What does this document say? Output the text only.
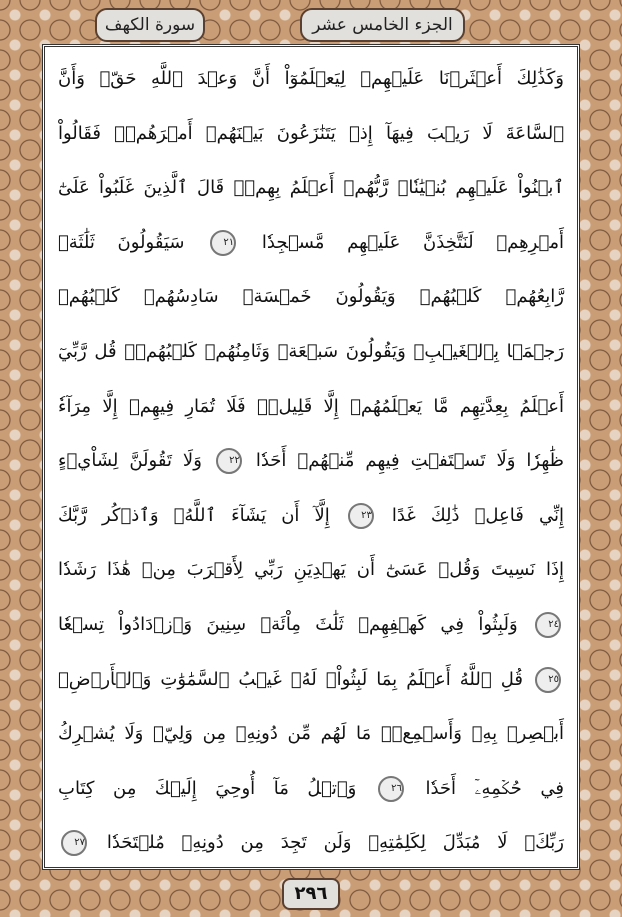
الجزء الخامس عشر
سورة الكهف
وَكَذَٰلِكَ أَعۡثَرۡنَا عَلَيۡهِمۡ لِيَعۡلَمُوٓاْ أَنَّ وَعۡدَ ٱللَّهِ حَقّٞ وَأَنَّ
ٱلسَّاعَةَ لَا رَيۡبَ فِيهَآ إِذۡ يَتَنَٰزَعُونَ بَيۡنَهُمۡ أَمۡرَهُمۡۖ فَقَالُواْ
ٱبۡنُواْ عَلَيۡهِم بُنۡيَٰنٗاۖ رَّبُّهُمۡ أَعۡلَمُ بِهِمۡۚ قَالَ ٱلَّذِينَ غَلَبُواْ عَلَىٰٓ
أَمۡرِهِمۡ لَنَتَّخِذَنَّ عَلَيۡهِم مَّسۡجِدٗا ٢١ سَيَقُولُونَ ثَلَٰثَةٞ
رَّابِعُهُمۡ كَلۡبُهُمۡ وَيَقُولُونَ خَمۡسَةٞ سَادِسُهُمۡ كَلۡبُهُمۡ
رَجۡمَۢا بِٱلۡغَيۡبِۖ وَيَقُولُونَ سَبۡعَةٞ وَثَامِنُهُمۡ كَلۡبُهُمۡۚ قُل رَّبِّيٓ
أَعۡلَمُ بِعِدَّتِهِم مَّا يَعۡلَمُهُمۡ إِلَّا قَلِيلٞۗ فَلَا تُمَارِ فِيهِمۡ إِلَّا مِرَآءٗ
ظَٰهِرٗا وَلَا تَسۡتَفۡتِ فِيهِم مِّنۡهُمۡ أَحَدٗا ٢٢ وَلَا تَقُولَنَّ لِشَاْيۡءٍ
إِنِّي فَاعِلٞ ذَٰلِكَ غَدًا ٢٣ إِلَّآ أَن يَشَآءَ ٱللَّهُۚ وَٱذۡكُر رَّبَّكَ
إِذَا نَسِيتَ وَقُلۡ عَسَىٰٓ أَن يَهۡدِيَنِ رَبِّي لِأَقۡرَبَ مِنۡ هَٰذَا رَشَدٗا
٢٤ وَلَبِثُواْ فِي كَهۡفِهِمۡ ثَلَٰثَ مِاْئَةٖ سِنِينَ وَٱزۡدَادُواْ تِسۡعٗا
٢٥ قُلِ ٱللَّهُ أَعۡلَمُ بِمَا لَبِثُواْۖ لَهُۥ غَيۡبُ ٱلسَّمَٰوَٰتِ وَٱلۡأَرۡضِۖ
أَبۡصِرۡ بِهِۦ وَأَسۡمِعۡۚ مَا لَهُم مِّن دُونِهِۦ مِن وَلِيّٖ وَلَا يُشۡرِكُ
فِي حُكۡمِهِۦٓ أَحَدٗا ٢٦ وَٱتۡلُ مَآ أُوحِيَ إِلَيۡكَ مِن كِتَابِ
رَبِّكَۖ لَا مُبَدِّلَ لِكَلِمَٰتِهِۦ وَلَن تَجِدَ مِن دُونِهِۦ مُلۡتَحَدٗا ٢٧
٢٩٦
